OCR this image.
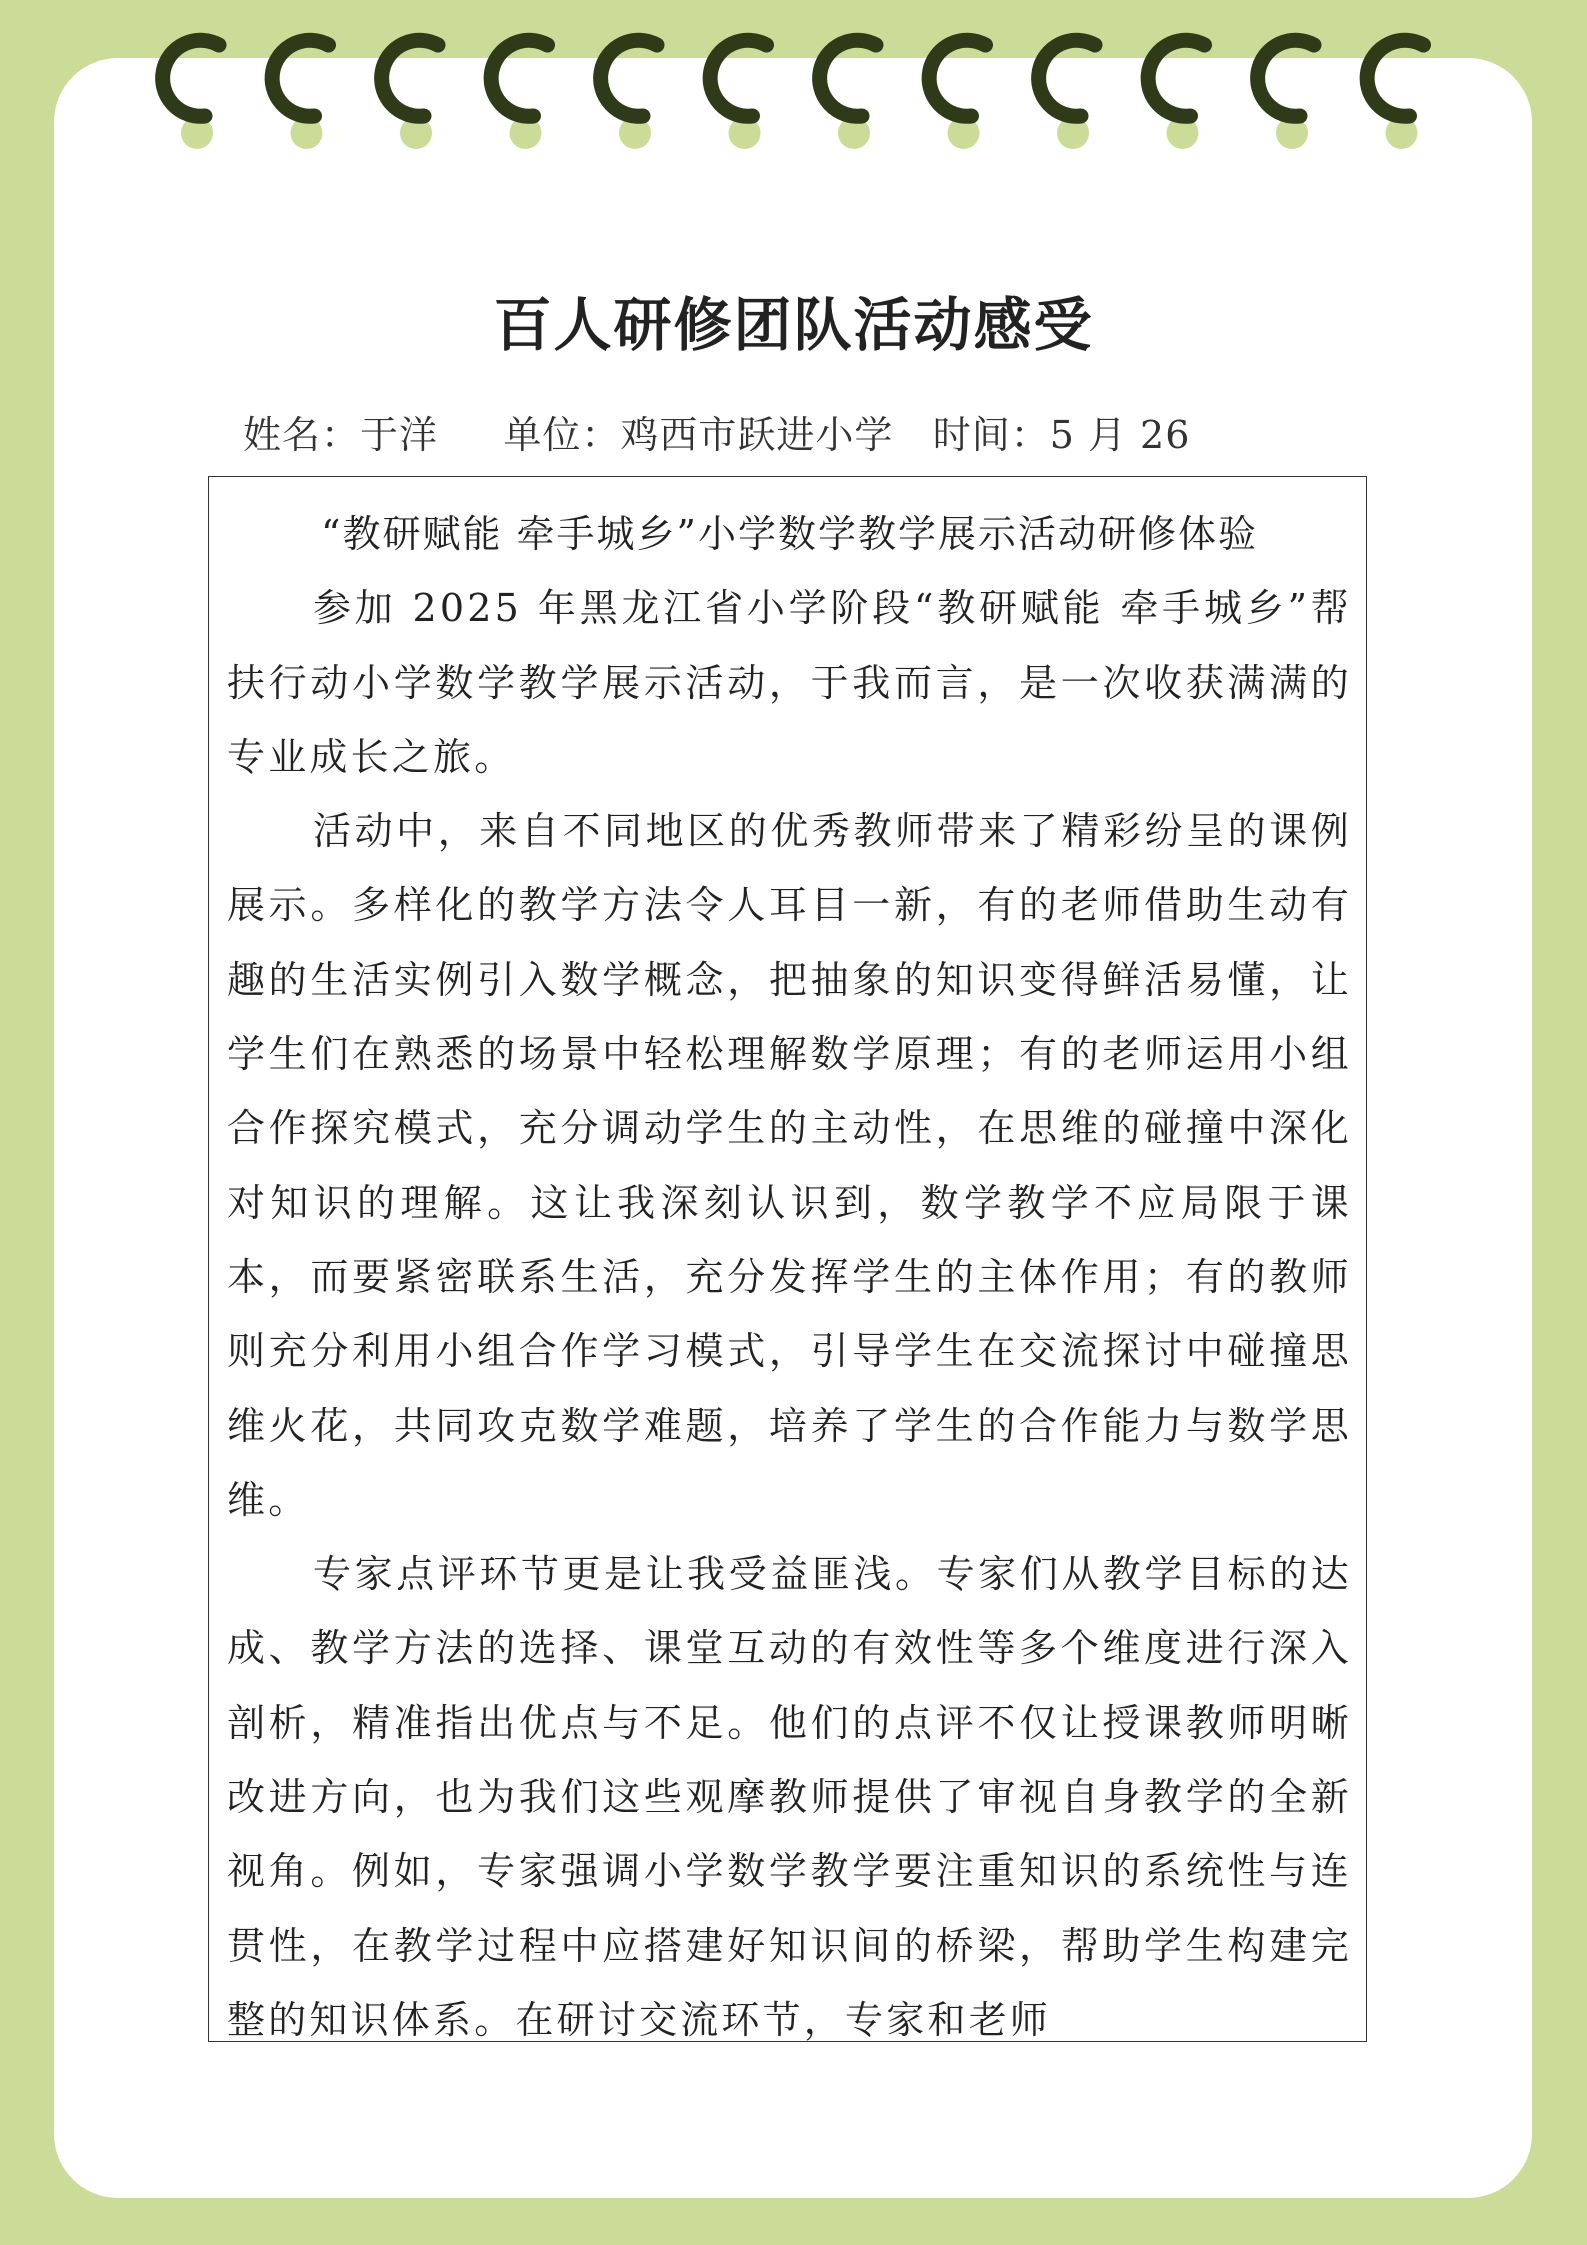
百人研修团队活动感受
姓名：于洋 单位：鸡西市跃进小学 时间：5 月 26

“教研赋能 牵手城乡”小学数学教学展示活动研修体验

参加 2025 年黑龙江省小学阶段“教研赋能 牵手城乡”帮扶行动小学数学教学展示活动，于我而言，是一次收获满满的专业成长之旅。

活动中，来自不同地区的优秀教师带来了精彩纷呈的课例展示。多样化的教学方法令人耳目一新，有的老师借助生动有趣的生活实例引入数学概念，把抽象的知识变得鲜活易懂，让学生们在熟悉的场景中轻松理解数学原理；有的老师运用小组合作探究模式，充分调动学生的主动性，在思维的碰撞中深化对知识的理解。这让我深刻认识到，数学教学不应局限于课本，而要紧密联系生活，充分发挥学生的主体作用；有的教师则充分利用小组合作学习模式，引导学生在交流探讨中碰撞思维火花，共同攻克数学难题，培养了学生的合作能力与数学思维。

专家点评环节更是让我受益匪浅。专家们从教学目标的达成、教学方法的选择、课堂互动的有效性等多个维度进行深入剖析，精准指出优点与不足。他们的点评不仅让授课教师明晰改进方向，也为我们这些观摩教师提供了审视自身教学的全新视角。例如，专家强调小学数学教学要注重知识的系统性与连贯性，在教学过程中应搭建好知识间的桥梁，帮助学生构建完整的知识体系。在研讨交流环节，专家和老师
